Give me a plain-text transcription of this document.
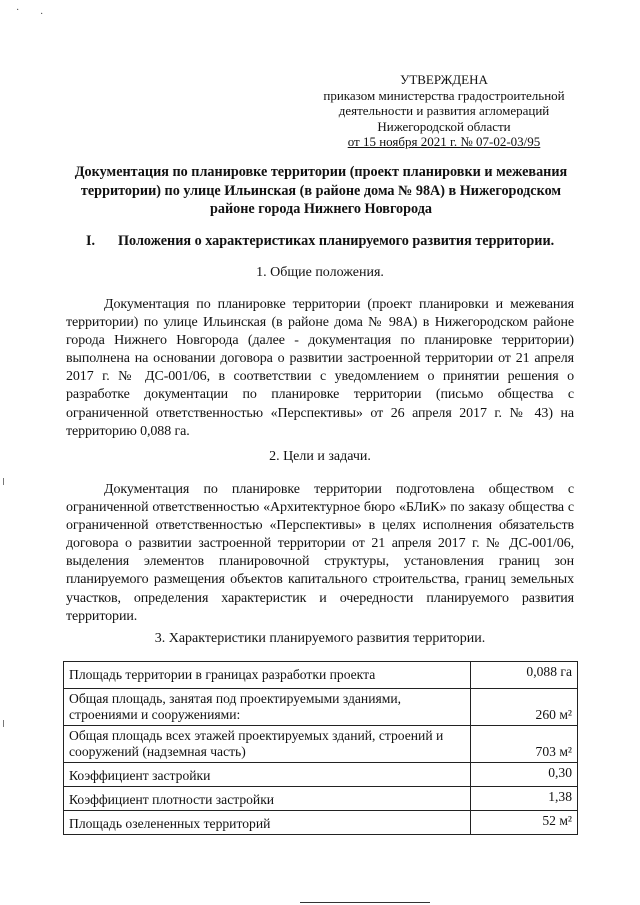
· ·
УТВЕРЖДЕНА
приказом министерства градостроительной
деятельности и развития агломераций
Нижегородской области
от 15 ноября 2021 г. № 07-02-03/95
Документация по планировке территории (проект планировки и межевания территории) по улице Ильинская (в районе дома № 98А) в Нижегородском районе города Нижнего Новгорода
I. Положения о характеристиках планируемого развития территории.
1. Общие положения.

Документация по планировке территории (проект планировки и межевания территории) по улице Ильинская (в районе дома № 98А) в Нижегородском районе города Нижнего Новгорода (далее - документация по планировке территории) выполнена на основании договора о развитии застроенной территории от 21 апреля 2017 г. № ДС-001/06, в соответствии с уведомлением о принятии решения о разработке документации по планировке территории (письмо общества с ограниченной ответственностью «Перспективы» от 26 апреля 2017 г. № 43) на территорию 0,088 га.

2. Цели и задачи.

Документация по планировке территории подготовлена обществом с ограниченной ответственностью «Архитектурное бюро «БЛиК» по заказу общества с ограниченной ответственностью «Перспективы» в целях исполнения обязательств договора о развитии застроенной территории от 21 апреля 2017 г. № ДС-001/06, выделения элементов планировочной структуры, установления границ зон планируемого размещения объектов капитального строительства, границ земельных участков, определения характеристик и очередности планируемого развития территории.

3. Характеристики планируемого развития территории.
Площадь территории в границах разработки проекта	0,088 га
Общая площадь, занятая под проектируемыми зданиями, строениями и сооружениями:	260 м²
Общая площадь всех этажей проектируемых зданий, строений и сооружений (надземная часть)	703 м²
Коэффициент застройки	0,30
Коэффициент плотности застройки	1,38
Площадь озелененных территорий	52 м²
